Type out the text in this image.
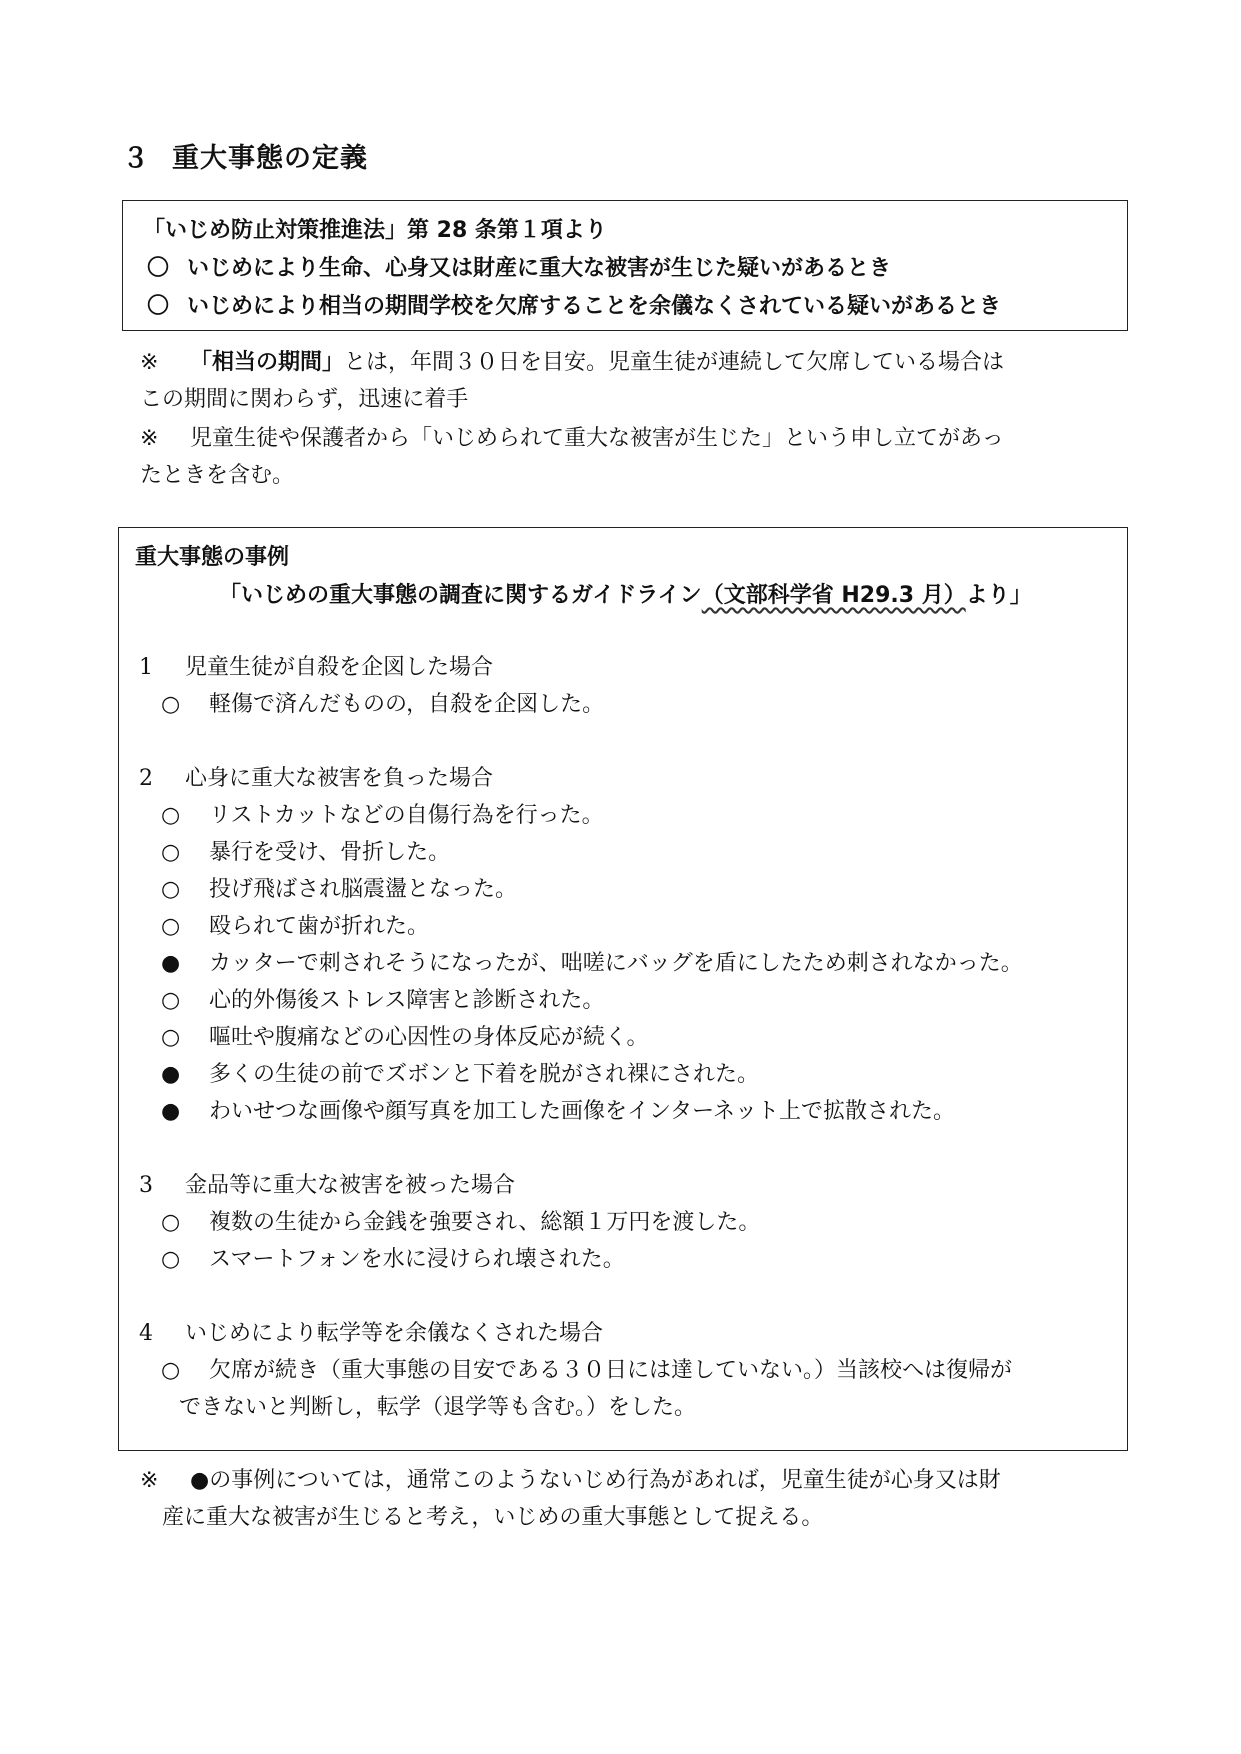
３ 重大事態の定義
「いじめ防止対策推進法」第 28 条第１項より
〇 いじめにより生命、心身又は財産に重大な被害が生じた疑いがあるとき
〇 いじめにより相当の期間学校を欠席することを余儀なくされている疑いがあるとき
※ 「相当の期間」とは，年間３０日を目安。児童生徒が連続して欠席している場合は
この期間に関わらず，迅速に着手
※ 児童生徒や保護者から「いじめられて重大な被害が生じた」という申し立てがあっ
たときを含む。
重大事態の事例
「いじめの重大事態の調査に関するガイドライン（文部科学省 H29.3 月）より」
1 児童生徒が自殺を企図した場合
○ 軽傷で済んだものの，自殺を企図した。
2 心身に重大な被害を負った場合
○ リストカットなどの自傷行為を行った。
○ 暴行を受け、骨折した。
○ 投げ飛ばされ脳震盪となった。
○ 殴られて歯が折れた。
● カッターで刺されそうになったが、咄嗟にバッグを盾にしたため刺されなかった。
○ 心的外傷後ストレス障害と診断された。
○ 嘔吐や腹痛などの心因性の身体反応が続く。
● 多くの生徒の前でズボンと下着を脱がされ裸にされた。
● わいせつな画像や顔写真を加工した画像をインターネット上で拡散された。
3 金品等に重大な被害を被った場合
○ 複数の生徒から金銭を強要され、総額１万円を渡した。
○ スマートフォンを水に浸けられ壊された。
4 いじめにより転学等を余儀なくされた場合
○ 欠席が続き（重大事態の目安である３０日には達していない。）当該校へは復帰が
できないと判断し，転学（退学等も含む。）をした。
※ ●の事例については，通常このようないじめ行為があれば，児童生徒が心身又は財
産に重大な被害が生じると考え，いじめの重大事態として捉える。
